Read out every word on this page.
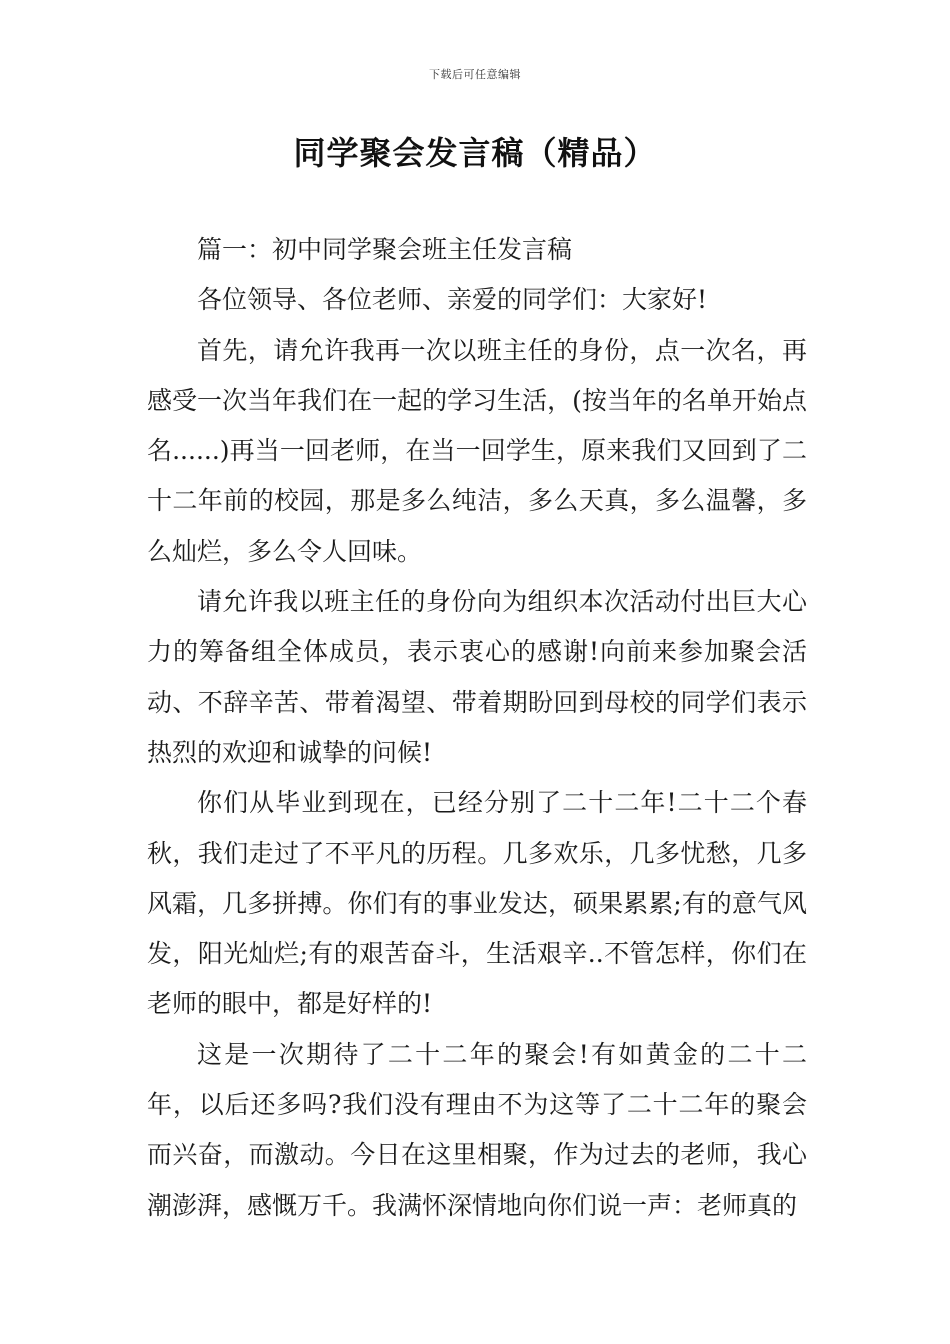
下载后可任意编辑
同学聚会发言稿（精品）

篇一：初中同学聚会班主任发言稿

各位领导、各位老师、亲爱的同学们：大家好!

首先，请允许我再一次以班主任的身份，点一次名，再感受一次当年我们在一起的学习生活，(按当年的名单开始点名......)再当一回老师，在当一回学生，原来我们又回到了二十二年前的校园，那是多么纯洁，多么天真，多么温馨，多么灿烂，多么令人回味。

请允许我以班主任的身份向为组织本次活动付出巨大心力的筹备组全体成员，表示衷心的感谢!向前来参加聚会活动、不辞辛苦、带着渴望、带着期盼回到母校的同学们表示热烈的欢迎和诚挚的问候!

你们从毕业到现在，已经分别了二十二年!二十二个春秋，我们走过了不平凡的历程。几多欢乐，几多忧愁，几多风霜，几多拼搏。你们有的事业发达，硕果累累;有的意气风发，阳光灿烂;有的艰苦奋斗，生活艰辛..不管怎样，你们在老师的眼中，都是好样的!

这是一次期待了二十二年的聚会!有如黄金的二十二年，以后还多吗?我们没有理由不为这等了二十二年的聚会而兴奋，而激动。今日在这里相聚，作为过去的老师，我心潮澎湃，感慨万千。我满怀深情地向你们说一声：老师真的
